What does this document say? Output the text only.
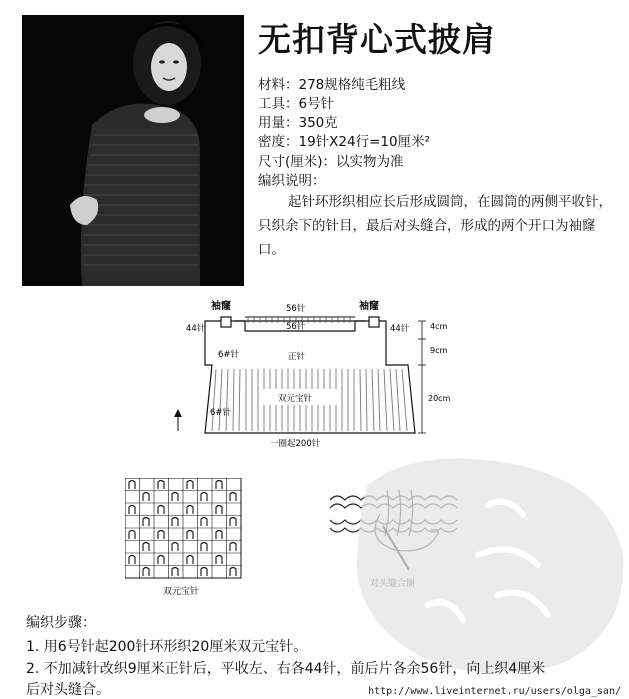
无扣背心式披肩
材料：278规格纯毛粗线
工具：6号针
用量：350克
密度：19针X24行=10厘米²
尺寸(厘米)：以实物为准
编织说明：
起针环形织相应长后形成圆筒，在圆筒的两侧平收针，只织余下的针目，最后对头缝合，形成的两个开口为袖窿口。
袖窿	袖窿
56针
56针
44针	44针
6#针	正针
双元宝针
6#针
一圈起200针
4cm
9cm
20cm
双元宝针
编织步骤：
1. 用6号针起200针环形织20厘米双元宝针。
2. 不加减针改织9厘米正针后，平收左、右各44针，前后片各余56针，向上织4厘米
后对头缝合。	http://www.liveinternet.ru/users/olga_san/
